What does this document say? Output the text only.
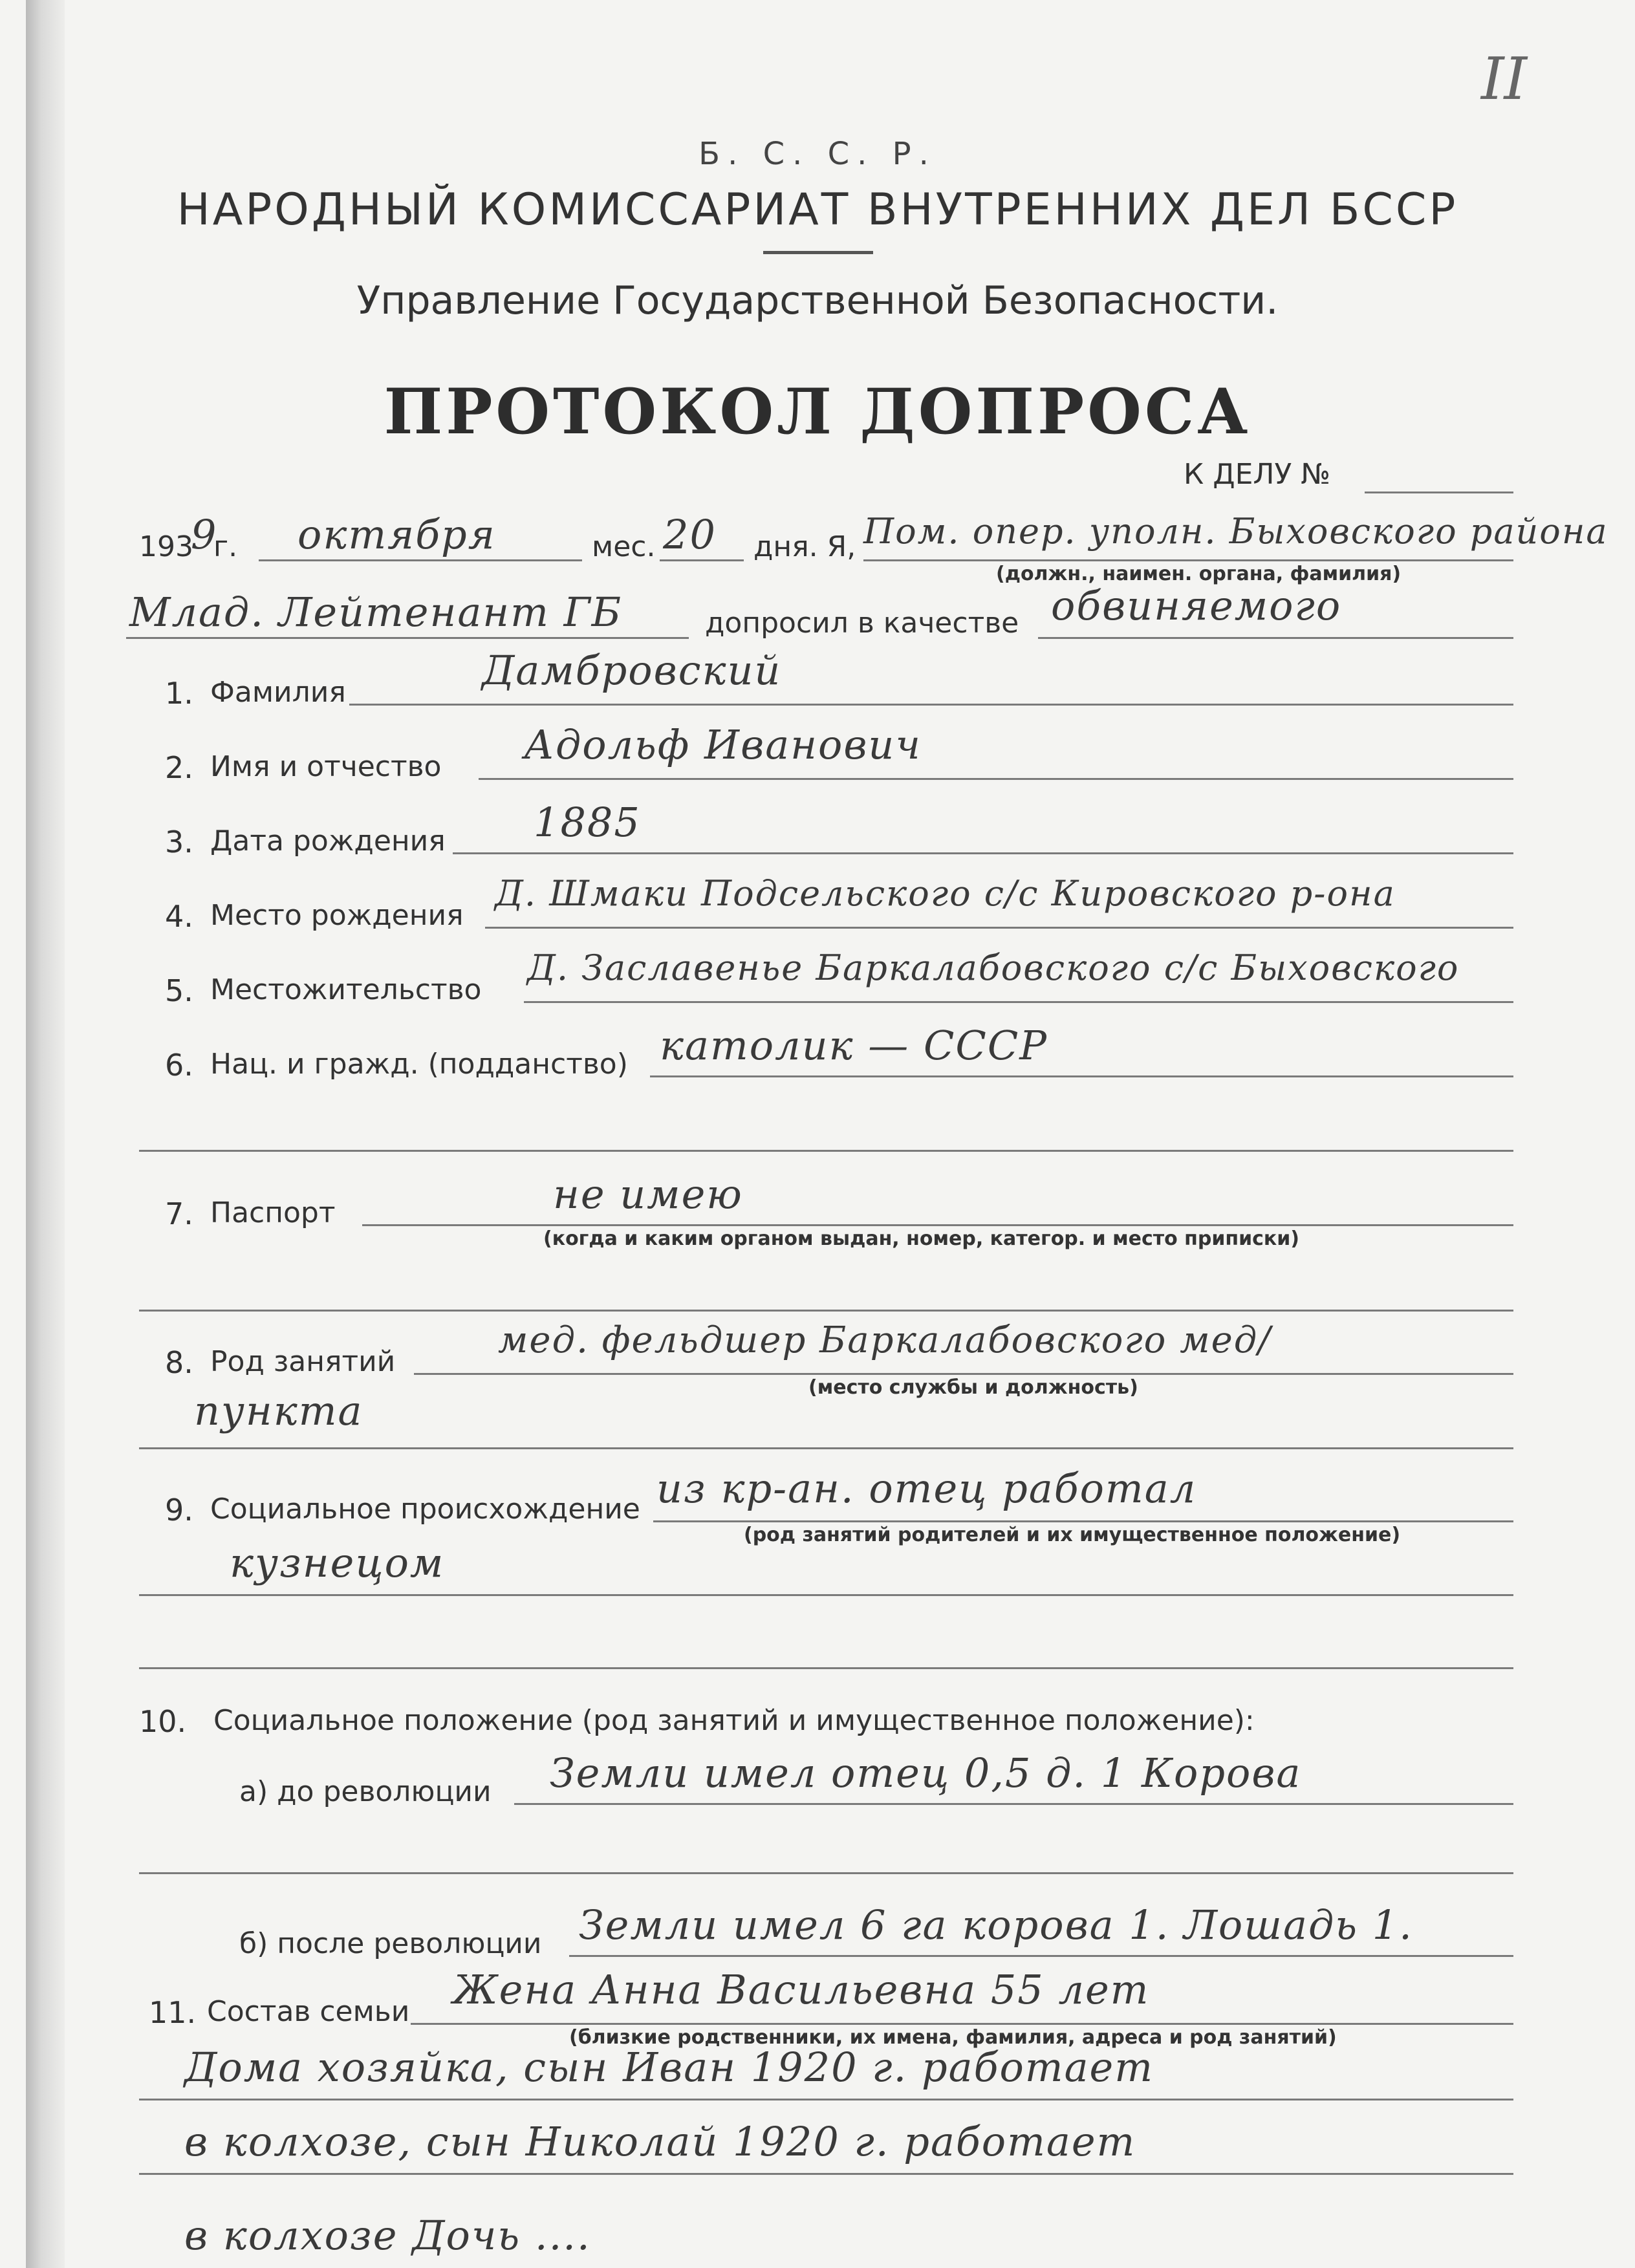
II
Б. С. С. Р.
НАРОДНЫЙ КОМИССАРИАТ ВНУТРЕННИХ ДЕЛ БССР
Управление Государственной Безопасности.
ПРОТОКОЛ ДОПРОСА
К ДЕЛУ №
193
9
г. октября	мес. 20 дня. Я, Пом. опер. уполн. Быховского района
(должн., наимен. органа, фамилия)
Млад. Лейтенант ГБ	допросил в качестве обвиняемого
1. Фамилия	Дамбровский
2. Имя и отчество Адольф Иванович
3. Дата рождения 1885
4. Место рождения
Д. Шмаки Подсельского с/с Кировского р-она
5. Местожительство
Д. Заславенье Баркалабовского с/с Быховского
6. Нац. и гражд. (подданство) католик — СССР
7. Паспорт	не имею
(когда и каким органом выдан, номер, категор. и место приписки)
8. Род занятий
мед. фельдшер Баркалабовского мед/
(место службы и должность)
пункта
9. Социальное происхождение из кр-ан. отец работал
(род занятий родителей и их имущественное положение)
кузнецом
10. Социальное положение (род занятий и имущественное положение):
а) до революции Земли имел отец 0,5 д. 1 Корова
б) после революции Земли имел 6 га корова 1. Лошадь 1.
11. Состав семьи Жена Анна Васильевна 55 лет
(близкие родственники, их имена, фамилия, адреса и род занятий)
Дома хозяйка, сын Иван 1920 г. работает
в колхозе, сын Николай 1920 г. работает
в колхозе Дочь ....
